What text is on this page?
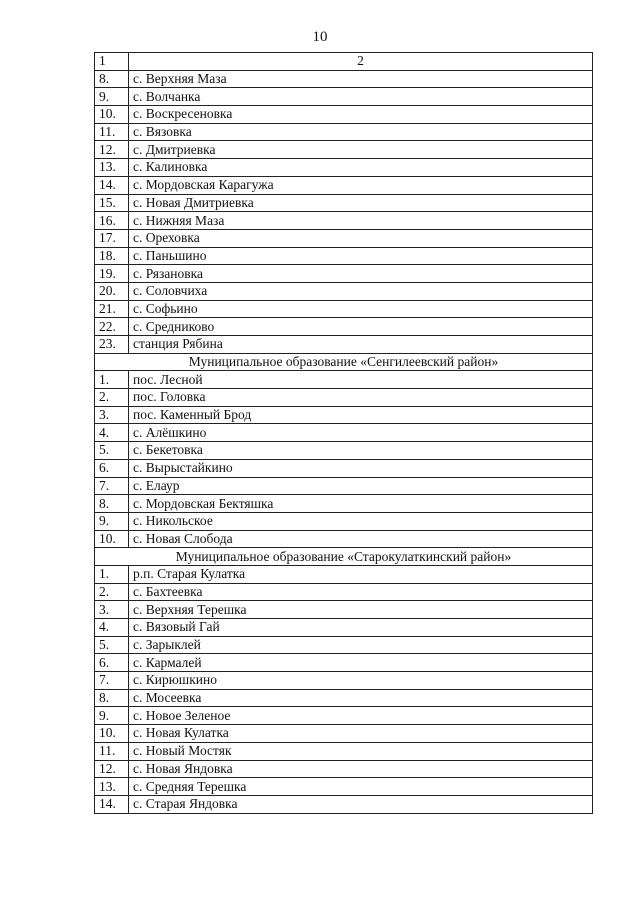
10
1	2
8.	с. Верхняя Маза
9.	с. Волчанка
10.	с. Воскресеновка
11.	с. Вязовка
12.	с. Дмитриевка
13.	с. Калиновка
14.	с. Мордовская Карагужа
15.	с. Новая Дмитриевка
16.	с. Нижняя Маза
17.	с. Ореховка
18.	с. Паньшино
19.	с. Рязановка
20.	с. Соловчиха
21.	с. Софьино
22.	с. Средниково
23.	станция Рябина
Муниципальное образование «Сенгилеевский район»	
1.	пос. Лесной
2.	пос. Головка
3.	пос. Каменный Брод
4.	с. Алёшкино
5.	с. Бекетовка
6.	с. Вырыстайкино
7.	с. Елаур
8.	с. Мордовская Бектяшка
9.	с. Никольское
10.	с. Новая Слобода
Муниципальное образование «Старокулаткинский район»	
1.	р.п. Старая Кулатка
2.	с. Бахтеевка
3.	с. Верхняя Терешка
4.	с. Вязовый Гай
5.	с. Зарыклей
6.	с. Кармалей
7.	с. Кирюшкино
8.	с. Мосеевка
9.	с. Новое Зеленое
10.	с. Новая Кулатка
11.	с. Новый Мостяк
12.	с. Новая Яндовка
13.	с. Средняя Терешка
14.	с. Старая Яндовка
